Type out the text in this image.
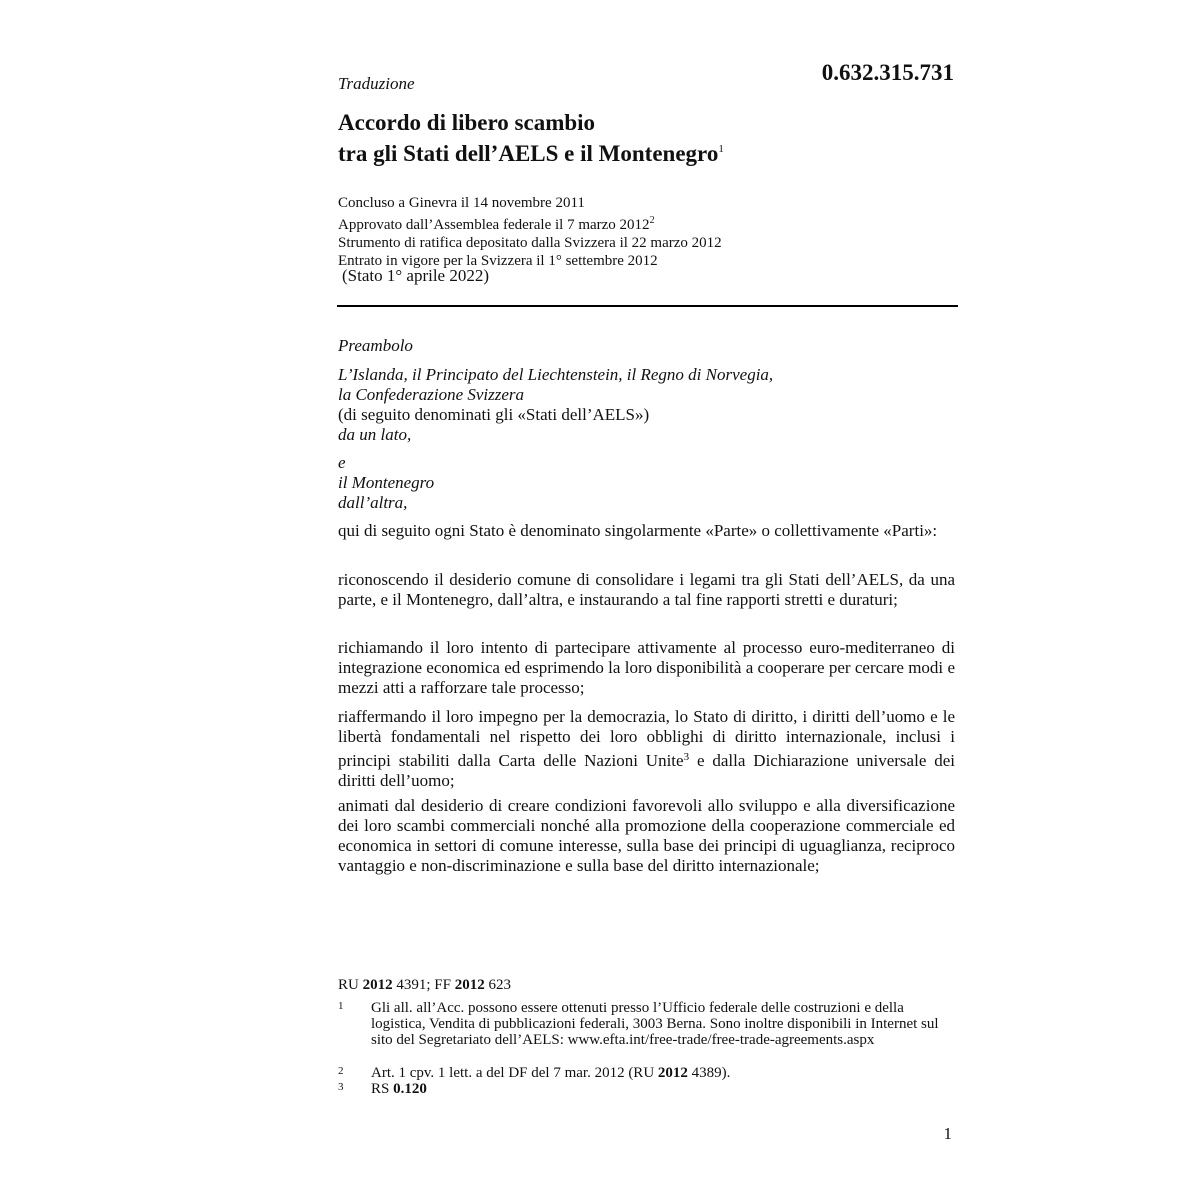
Traduzione	0.632.315.731
Accordo di libero scambio
tra gli Stati dell’AELS e il Montenegro$^1$
Concluso a Ginevra il 14 novembre 2011
Approvato dall’Assemblea federale il 7 marzo 2012$^2$
Strumento di ratifica depositato dalla Svizzera il 22 marzo 2012
Entrato in vigore per la Svizzera il 1° settembre 2012
(Stato 1° aprile 2022)
Preambolo
L’Islanda, il Principato del Liechtenstein, il Regno di Norvegia,
la Confederazione Svizzera
(di seguito denominati gli «Stati dell’AELS»)
da un lato,
e
il Montenegro
dall’altra,
qui di seguito ogni Stato è denominato singolarmente «Parte» o collettivamente «Parti»:
riconoscendo il desiderio comune di consolidare i legami tra gli Stati dell’AELS, da una parte, e il Montenegro, dall’altra, e instaurando a tal fine rapporti stretti e duraturi;
richiamando il loro intento di partecipare attivamente al processo euro-mediterraneo di integrazione economica ed esprimendo la loro disponibilità a cooperare per cercare modi e mezzi atti a rafforzare tale processo;
riaffermando il loro impegno per la democrazia, lo Stato di diritto, i diritti dell’uomo e le libertà fondamentali nel rispetto dei loro obblighi di diritto internazionale, inclusi i principi stabiliti dalla Carta delle Nazioni Unite$^3$ e dalla Dichiarazione universale dei diritti dell’uomo;
animati dal desiderio di creare condizioni favorevoli allo sviluppo e alla diversificazione dei loro scambi commerciali nonché alla promozione della cooperazione commerciale ed economica in settori di comune interesse, sulla base dei principi di uguaglianza, reciproco vantaggio e non-discriminazione e sulla base del diritto internazionale;
RU 2012 4391; FF 2012 623
1 Gli all. all’Acc. possono essere ottenuti presso l’Ufficio federale delle costruzioni e della logistica, Vendita di pubblicazioni federali, 3003 Berna. Sono inoltre disponibili in Internet sul sito del Segretariato dell’AELS: www.efta.int/free-trade/free-trade-agreements.aspx
2 Art. 1 cpv. 1 lett. a del DF del 7 mar. 2012 (RU 2012 4389).
3 RS 0.120
1
